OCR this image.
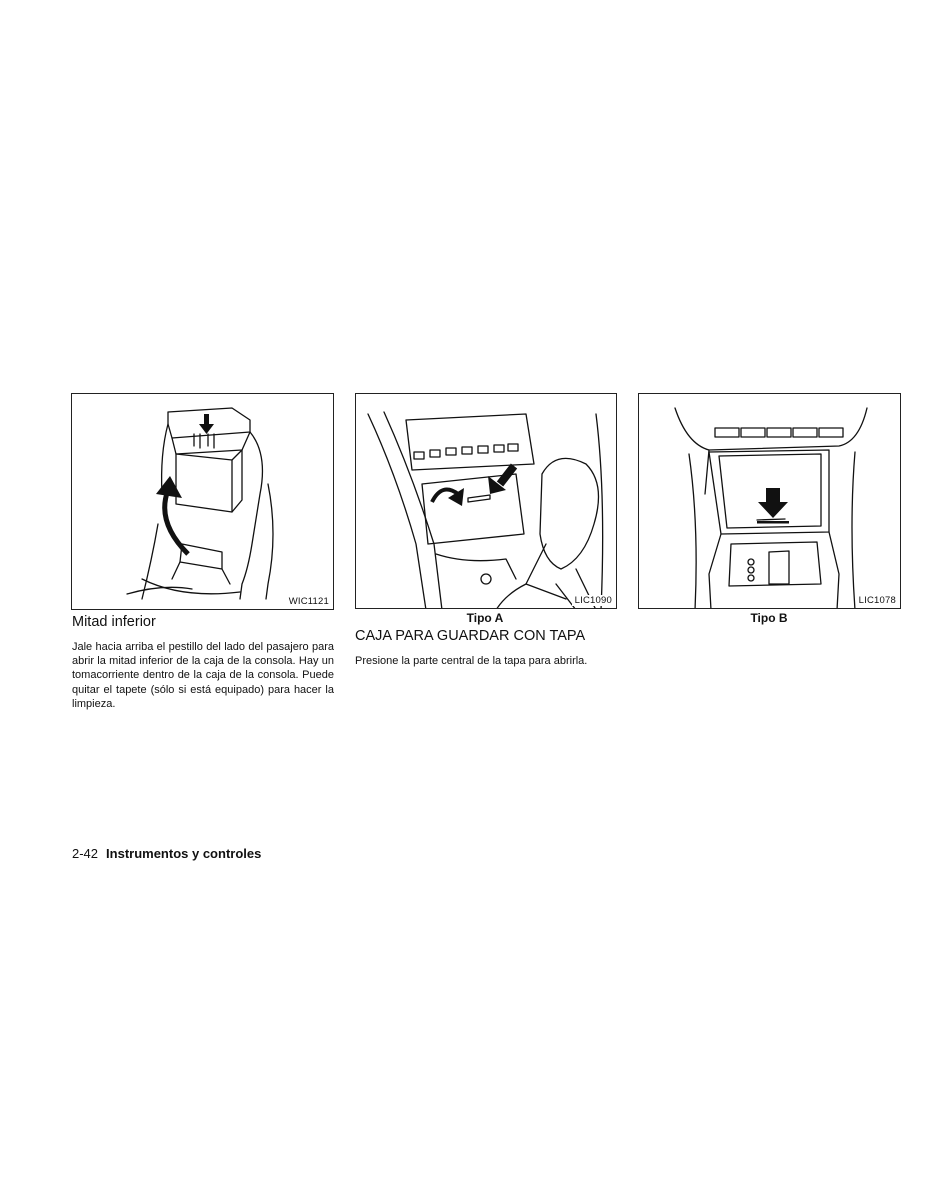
WIC1121	LIC1090	LIC1078
Tipo A	Tipo B
Mitad inferior

Jale hacia arriba el pestillo del lado del pasajero para abrir la mitad inferior de la caja de la consola. Hay un tomacorriente dentro de la caja de la consola. Puede quitar el tapete (sólo si está equipado) para hacer la limpieza.

CAJA PARA GUARDAR CON TAPA

Presione la parte central de la tapa para abrirla.

2-42 Instrumentos y controles
